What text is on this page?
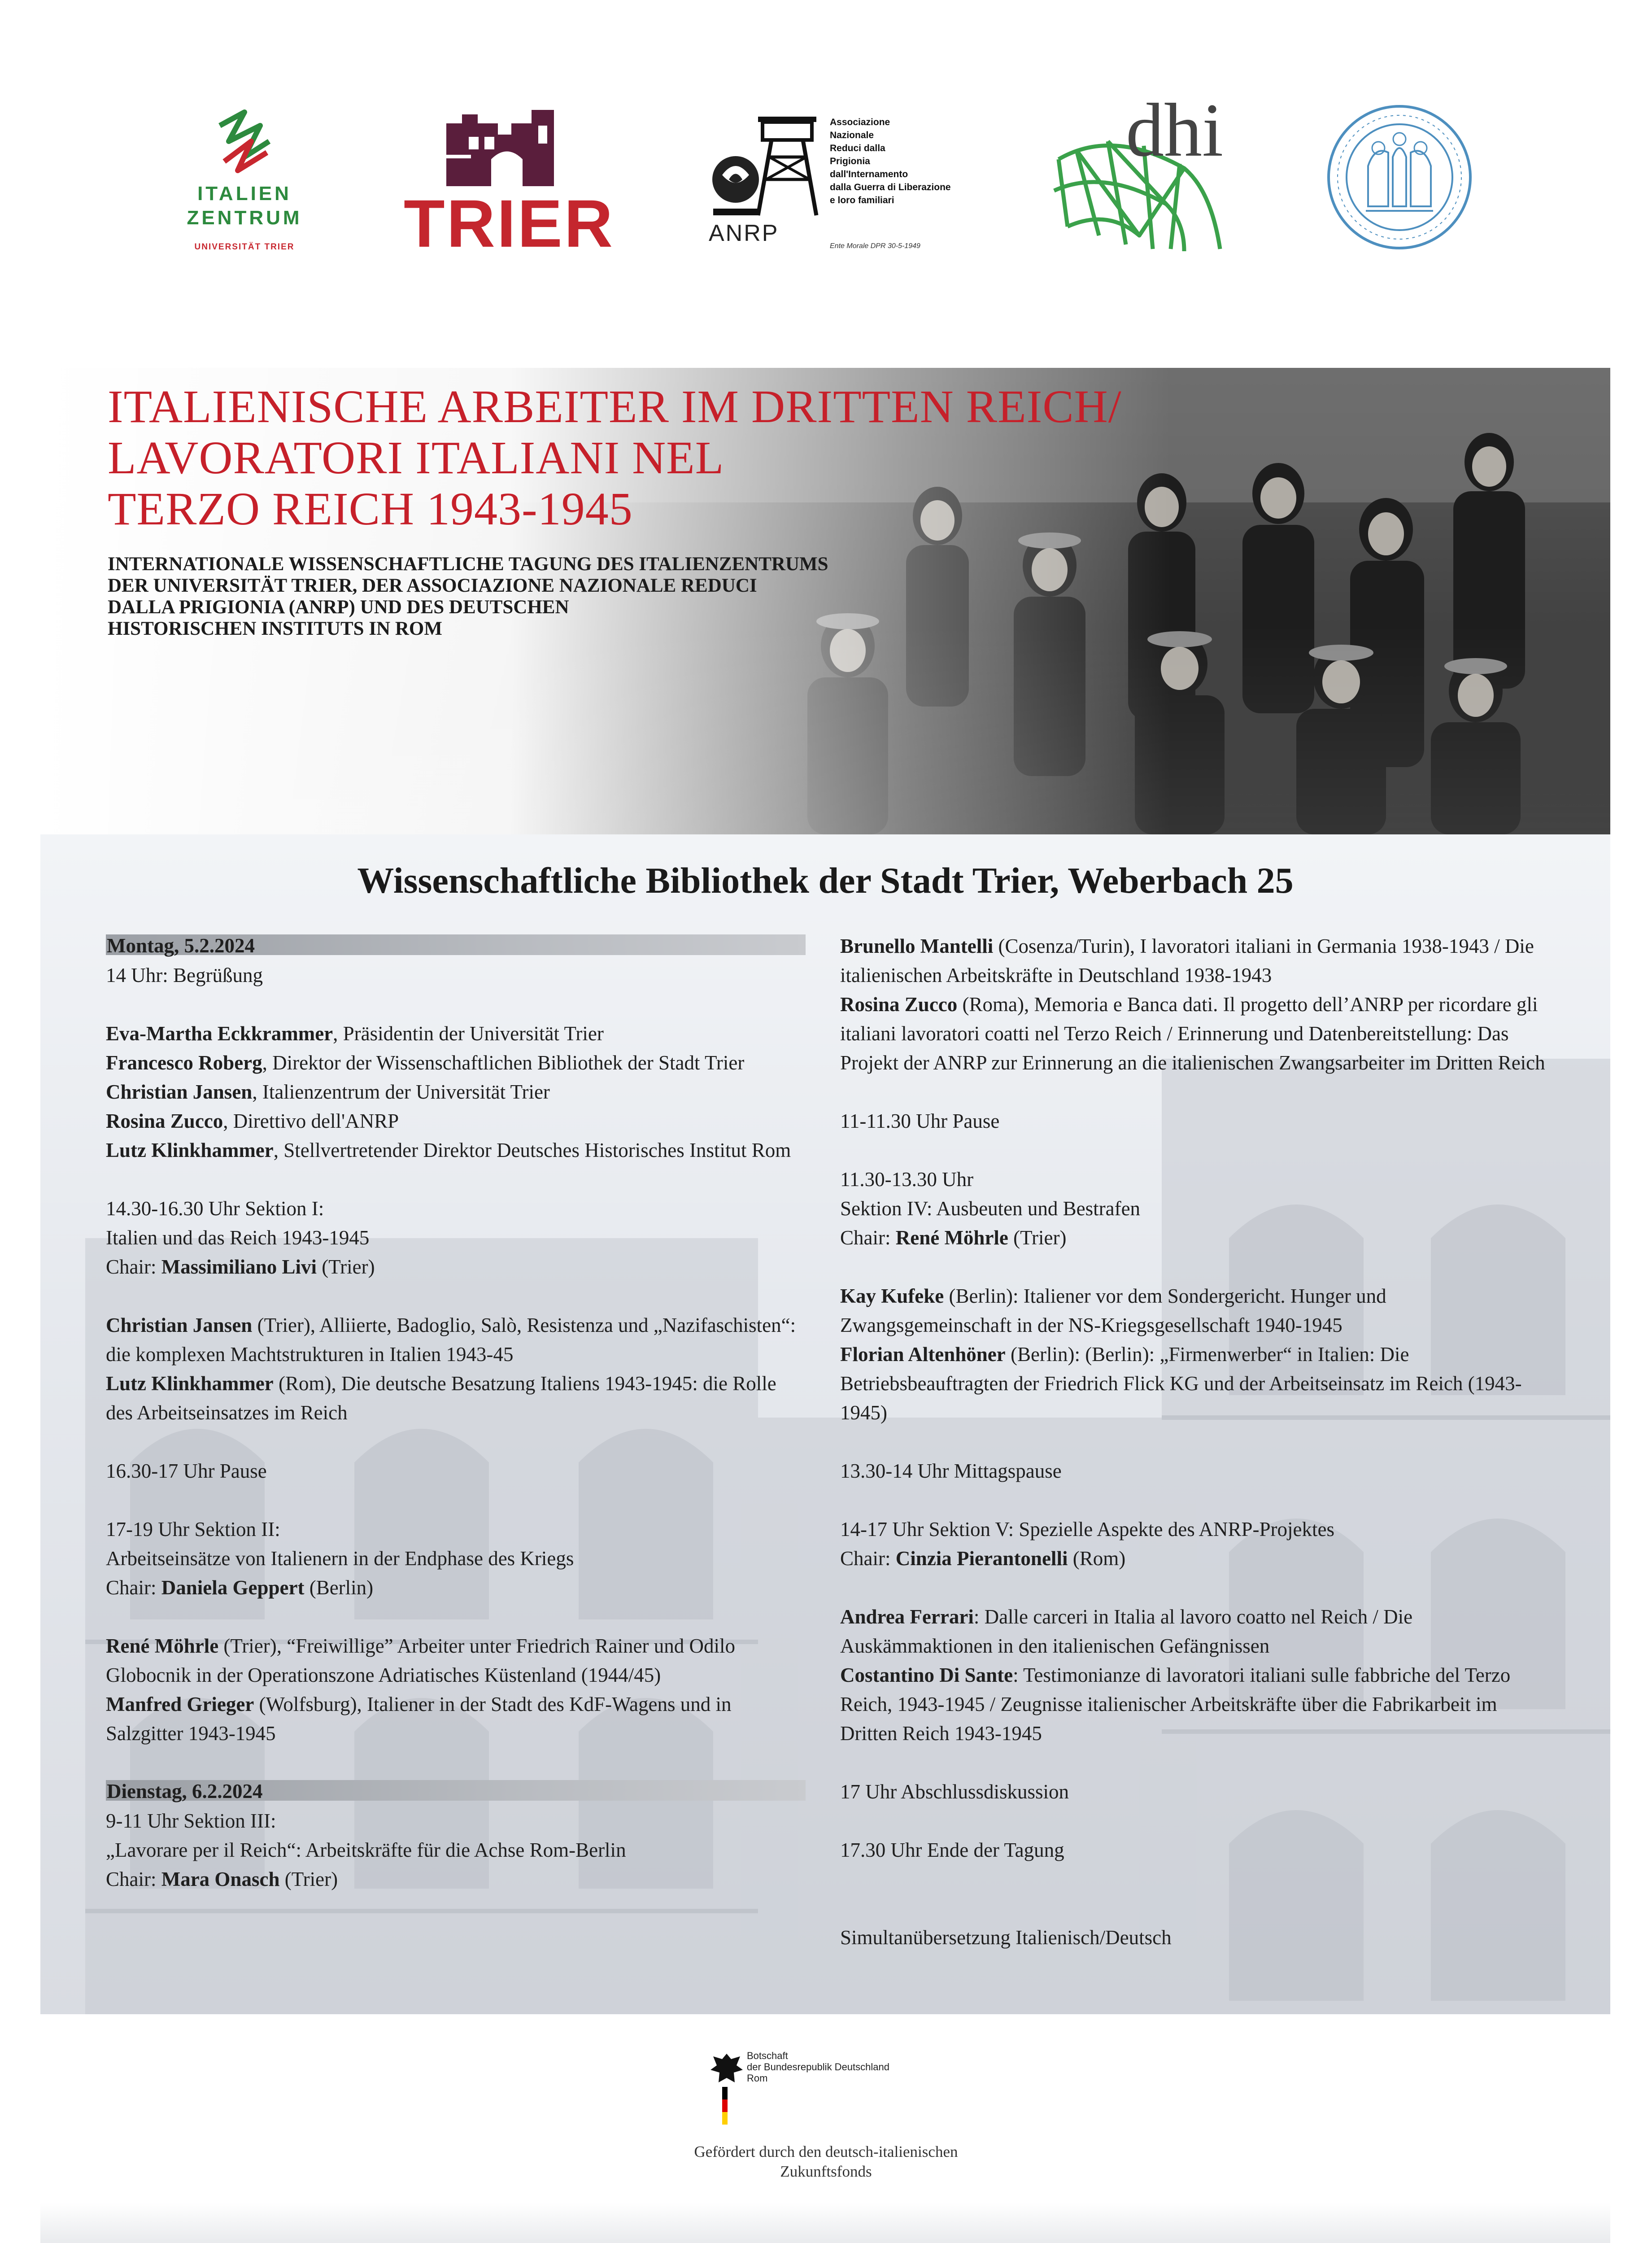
ITALIEN
ZENTRUM
UNIVERSITÄT TRIER TRIER	ANRP
Associazione
Nazionale
Reduci dalla
Prigionia
dall'Internamento
dalla Guerra di Liberazione
e loro familiari
Ente Morale DPR 30-5-1949
dhi
ITALIENISCHE ARBEITER IM DRITTEN REICH/
LAVORATORI ITALIANI NEL
TERZO REICH 1943-1945
INTERNATIONALE WISSENSCHAFTLICHE TAGUNG DES ITALIENZENTRUMS
DER UNIVERSITÄT TRIER, DER ASSOCIAZIONE NAZIONALE REDUCI
DALLA PRIGIONIA (ANRP) UND DES DEUTSCHEN
HISTORISCHEN INSTITUTS IN ROM
Wissenschaftliche Bibliothek der Stadt Trier, Weberbach 25
Montag, 5.2.2024

14 Uhr: Begrüßung

Eva-Martha Eckkrammer, Präsidentin der Universität Trier

Francesco Roberg, Direktor der Wissenschaftlichen Bibliothek der Stadt Trier

Christian Jansen, Italienzentrum der Universität Trier

Rosina Zucco, Direttivo dell'ANRP

Lutz Klinkhammer, Stellvertretender Direktor Deutsches Historisches Institut Rom

14.30-16.30 Uhr Sektion I:

Italien und das Reich 1943-1945

Chair: Massimiliano Livi (Trier)

Christian Jansen (Trier), Alliierte, Badoglio, Salò, Resistenza und „Nazifaschisten“: die komplexen Machtstrukturen in Italien 1943-45

Lutz Klinkhammer (Rom), Die deutsche Besatzung Italiens 1943-1945: die Rolle des Arbeitseinsatzes im Reich

16.30-17 Uhr Pause

17-19 Uhr Sektion II:

Arbeitseinsätze von Italienern in der Endphase des Kriegs

Chair: Daniela Geppert (Berlin)

René Möhrle (Trier), “Freiwillige” Arbeiter unter Friedrich Rainer und Odilo Globocnik in der Operationszone Adriatisches Küstenland (1944/45)

Manfred Grieger (Wolfsburg), Italiener in der Stadt des KdF-Wagens und in Salzgitter 1943-1945

Dienstag, 6.2.2024

9-11 Uhr Sektion III:

„Lavorare per il Reich“: Arbeitskräfte für die Achse Rom-Berlin

Chair: Mara Onasch (Trier)

Brunello Mantelli (Cosenza/Turin), I lavoratori italiani in Germania 1938-1943 / Die italienischen Arbeitskräfte in Deutschland 1938-1943

Rosina Zucco (Roma), Memoria e Banca dati. Il progetto dell’ANRP per ricordare gli italiani lavoratori coatti nel Terzo Reich / Erinnerung und Datenbereitstellung: Das Projekt der ANRP zur Erinnerung an die italienischen Zwangsarbeiter im Dritten Reich

11-11.30 Uhr Pause

11.30-13.30 Uhr

Sektion IV: Ausbeuten und Bestrafen

Chair: René Möhrle (Trier)

Kay Kufeke (Berlin): Italiener vor dem Sondergericht. Hunger und Zwangsgemeinschaft in der NS-Kriegsgesellschaft 1940-1945

Florian Altenhöner (Berlin): (Berlin): „Firmenwerber“ in Italien: Die Betriebsbeauftragten der Friedrich Flick KG und der Arbeitseinsatz im Reich (1943-1945)

13.30-14 Uhr Mittagspause

14-17 Uhr Sektion V: Spezielle Aspekte des ANRP-Projektes

Chair: Cinzia Pierantonelli (Rom)

Andrea Ferrari: Dalle carceri in Italia al lavoro coatto nel Reich / Die Auskämmaktionen in den italienischen Gefängnissen

Costantino Di Sante: Testimonianze di lavoratori italiani sulle fabbriche del Terzo Reich, 1943-1945 / Zeugnisse italienischer Arbeitskräfte über die Fabrikarbeit im Dritten Reich 1943-1945

17 Uhr Abschlussdiskussion

17.30 Uhr Ende der Tagung

Simultanübersetzung Italienisch/Deutsch

Botschaft
der Bundesrepublik Deutschland
Rom
Gefördert durch den deutsch-italienischen
Zukunftsfonds
